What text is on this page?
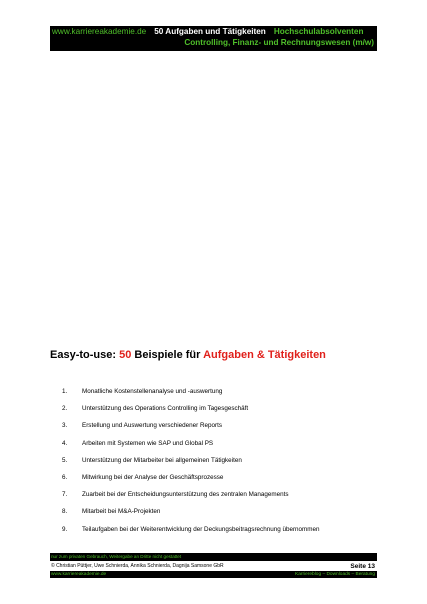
www.karriereakademie.de 50 Aufgaben und Tätigkeiten Hochschulabsolventen
Controlling, Finanz- und Rechnungswesen (m/w)
Easy-to-use: 50 Beispiele für Aufgaben & Tätigkeiten
1.	Monatliche Kostenstellenanalyse und -auswertung
2.	Unterstützung des Operations Controlling im Tagesgeschäft
3.	Erstellung und Auswertung verschiedener Reports
4.	Arbeiten mit Systemen wie SAP und Global PS
5.	Unterstützung der Mitarbeiter bei allgemeinen Tätigkeiten
6.	Mitwirkung bei der Analyse der Geschäftsprozesse
7.	Zuarbeit bei der Entscheidungsunterstützung des zentralen Managements
8.	Mitarbeit bei M&A-Projekten
9.	Teilaufgaben bei der Weiterentwicklung der Deckungsbeitragsrechnung übernommen
nur zum privaten Gebrauch, Weitergabe an Dritte nicht gestattet
© Christian Püttjer, Uwe Schnierda, Annika Schnierda, Dagnija Samsone GbR	Seite 13
www.karriereakademie.de	Karriereblog – Downloads – Beratung
